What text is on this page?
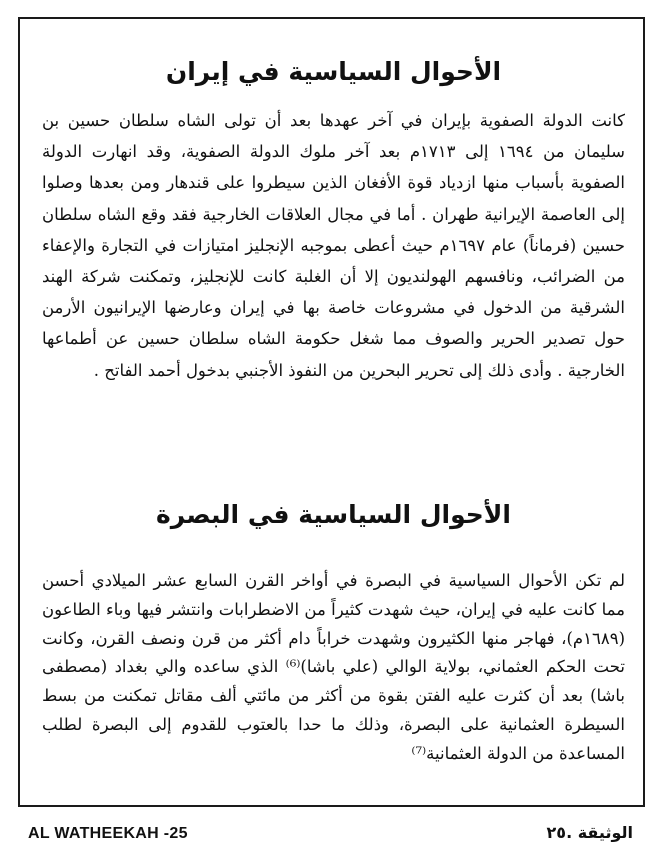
الأحوال السياسية في إيران

كانت الدولة الصفوية بإيران في آخر عهدها بعد أن تولى الشاه سلطان حسين بن سليمان من ١٦٩٤ إلى ١٧١٣م بعد آخر ملوك الدولة الصفوية، وقد انهارت الدولة الصفوية بأسباب منها ازدياد قوة الأفغان الذين سيطروا على قندهار ومن بعدها وصلوا إلى العاصمة الإيرانية طهران . أما في مجال العلاقات الخارجية فقد وقع الشاه سلطان حسين (فرماناً) عام ١٦٩٧م حيث أعطى بموجبه الإنجليز امتيازات في التجارة والإعفاء من الضرائب، ونافسهم الهولنديون إلا أن الغلبة كانت للإنجليز، وتمكنت شركة الهند الشرقية من الدخول في مشروعات خاصة بها في إيران وعارضها الإيرانيون الأرمن حول تصدير الحرير والصوف مما شغل حكومة الشاه سلطان حسين عن أطماعها الخارجية . وأدى ذلك إلى تحرير البحرين من النفوذ الأجنبي بدخول أحمد الفاتح .

الأحوال السياسية في البصرة

لم تكن الأحوال السياسية في البصرة في أواخر القرن السابع عشر الميلادي أحسن مما كانت عليه في إيران، حيث شهدت كثيراً من الاضطرابات وانتشر فيها وباء الطاعون (١٦٨٩م)، فهاجر منها الكثيرون وشهدت خراباً دام أكثر من قرن ونصف القرن، وكانت تحت الحكم العثماني، بولاية الوالي (علي باشا)⁽⁶⁾ الذي ساعده والي بغداد (مصطفى باشا) بعد أن كثرت عليه الفتن بقوة من أكثر من مائتي ألف مقاتل تمكنت من بسط السيطرة العثمانية على البصرة، وذلك ما حدا بالعتوب للقدوم إلى البصرة لطلب المساعدة من الدولة العثمانية⁽⁷⁾

AL WATHEEKAH -25	الوثيقة .٢٥
